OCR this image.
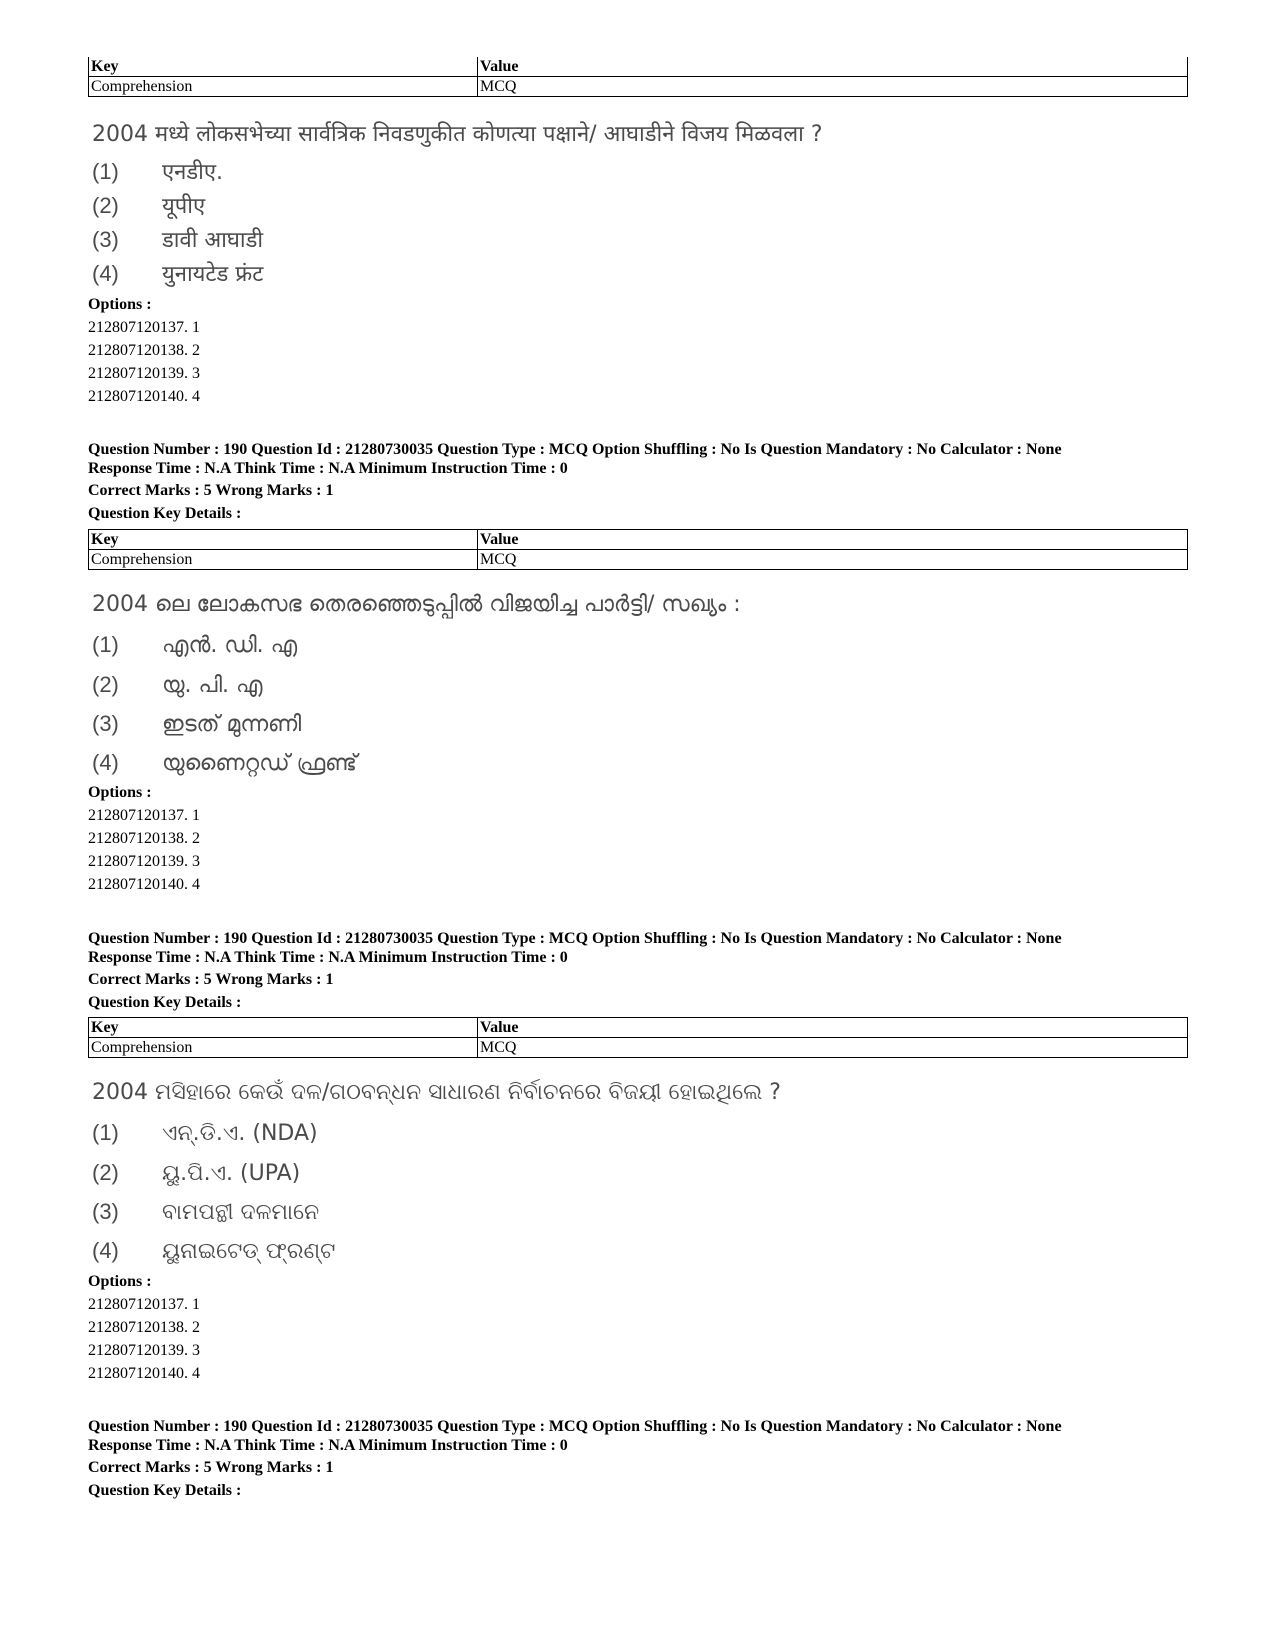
Key	Value
Comprehension	MCQ
2004 मध्ये लोकसभेच्या सार्वत्रिक निवडणुकीत कोणत्या पक्षाने/ आघाडीने विजय मिळवला ?
(1) एनडीए.
(2) यूपीए
(3) डावी आघाडी
(4) युनायटेड फ्रंट
Options :
212807120137. 1
212807120138. 2
212807120139. 3
212807120140. 4
Question Number : 190 Question Id : 21280730035 Question Type : MCQ Option Shuffling : No Is Question Mandatory : No Calculator : None
Response Time : N.A Think Time : N.A Minimum Instruction Time : 0
Correct Marks : 5 Wrong Marks : 1
Question Key Details :
Key	Value
Comprehension	MCQ
2004 ലെ ലോകസഭ തെരഞ്ഞെടുപ്പിൽ വിജയിച്ച പാർട്ടി/ സഖ്യം :
(1) എൻ. ഡി. എ
(2) യു. പി. എ
(3) ഇടത് മുന്നണി
(4) യുണൈറ്റഡ് ഫ്രണ്ട്
Options :
212807120137. 1
212807120138. 2
212807120139. 3
212807120140. 4
Question Number : 190 Question Id : 21280730035 Question Type : MCQ Option Shuffling : No Is Question Mandatory : No Calculator : None
Response Time : N.A Think Time : N.A Minimum Instruction Time : 0
Correct Marks : 5 Wrong Marks : 1
Question Key Details :
Key	Value
Comprehension	MCQ
2004 ମସିହାରେ କେଉଁ ଦଳ/ଗଠବନ୍ଧନ ସାଧାରଣ ନିର୍ବାଚନରେ ବିଜୟୀ ହୋଇଥିଲେ ?
(1) ଏନ୍.ଡି.ଏ. (NDA)
(2) ୟୁ.ପି.ଏ. (UPA)
(3) ବାମପନ୍ଥୀ ଦଳମାନେ
(4) ୟୁନାଇଟେଡ୍ ଫ୍ରଣ୍ଟ
Options :
212807120137. 1
212807120138. 2
212807120139. 3
212807120140. 4
Question Number : 190 Question Id : 21280730035 Question Type : MCQ Option Shuffling : No Is Question Mandatory : No Calculator : None
Response Time : N.A Think Time : N.A Minimum Instruction Time : 0
Correct Marks : 5 Wrong Marks : 1
Question Key Details :
